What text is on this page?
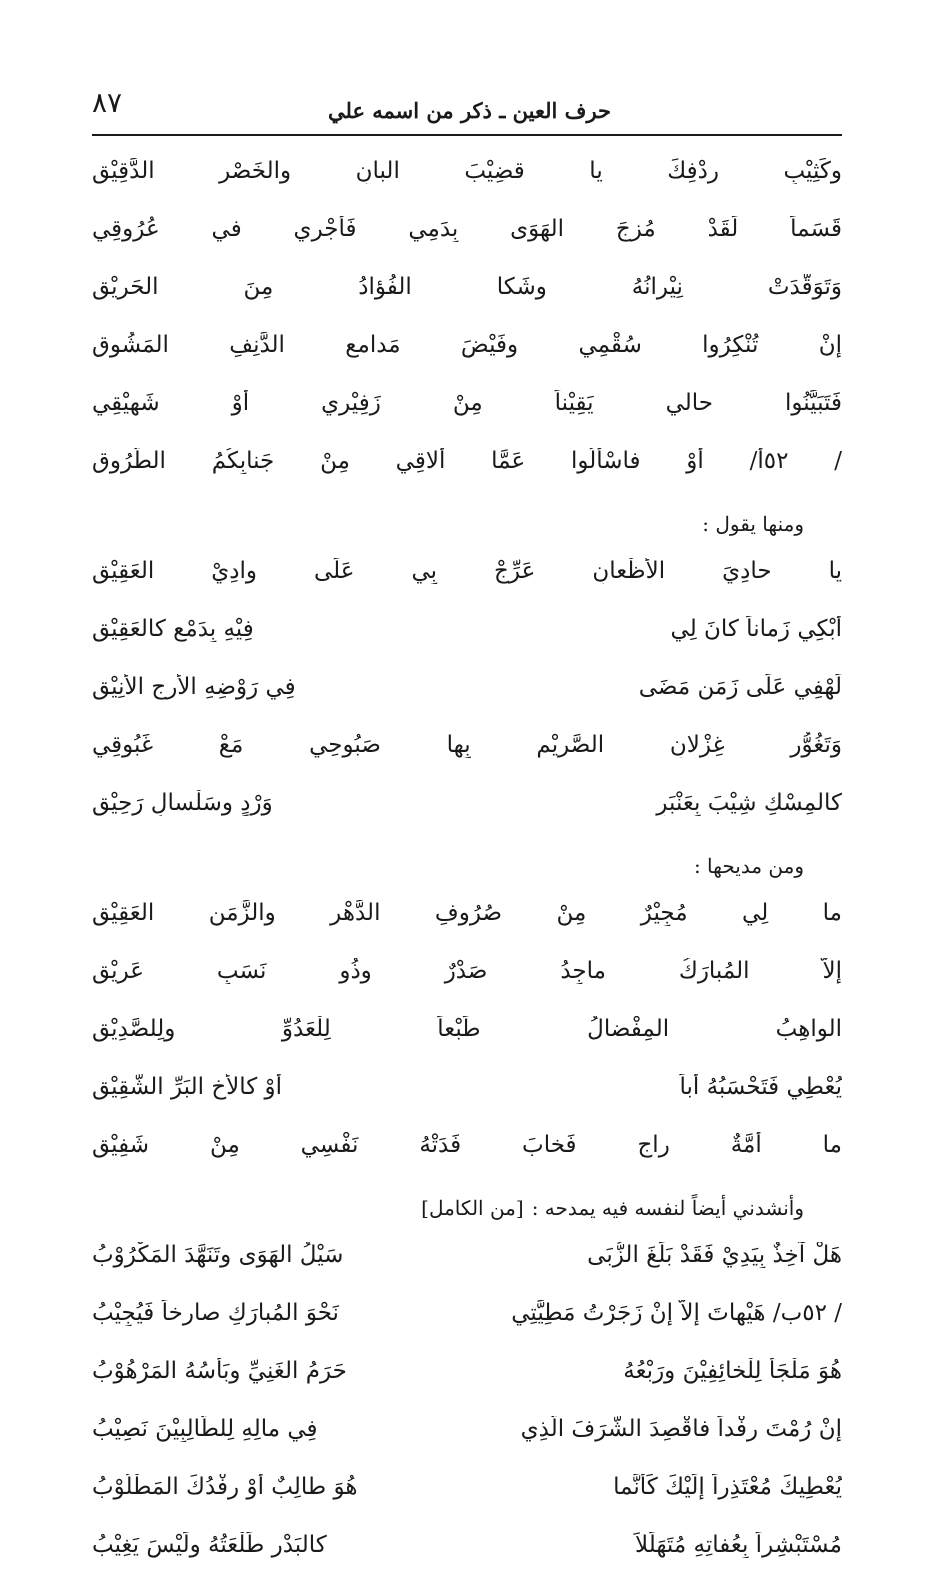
٨٧	حرف العين ـ ذكر من اسمه علي
وكَثِيْبِ رِدْفِكَ يا قضِيْبَ البانِ والخَصْرِ الدَّقِيْقِ
قَسَماً لَقَدْ مُزِجَ الهَوَى بِدَمِي فَأُجْرِي في عُرُوقِي
وَتَوَقَّدَتْ نِيْرانُهُ وشَكا الفُؤادُ مِنَ الحَرِيْقِ
إنْ تُنْكِرُوا سُقْمِي وفَيْضَ مَدامعِ الدَّنِفِ المَشُوقِ
فَتَبَيَّنُوا حالي يَقِيْناً مِنْ زَفِيْرِي أوْ شَهِيْقِي
/ ٥٢أ/ أوْ فاسْأَلُوا عَمَّا أُلاقِي مِنْ جَنابِكُمُ الطُّرُوقِ
ومنها يقول :
يا حادِيَ الأَظْعانِ عَرِّجْ بِي عَلَى وادِيْ العَقِيْقِ
أبْكِي زَماناً كانَ لِي
فِيْهِ بِدَمْعٍ كالعَقِيْقِ
لَهْفِي عَلَى زَمَنٍ مَضَى
فِي رَوْضِهِ الأَرِجِ الأَنِيْقِ
وَتَغُوُّرِ غِزْلانِ الصَّرِيْمِ بِها صَبُوحِي مَعْ غَبُوقِي
كالمِسْكِ شِيْبَ بِعَنْبَرٍ
وَرْدٍ وسَلْسالٍ رَحِيْقِ
ومن مديحها :
ما لِي مُجِيْرٌ مِنْ صُرُوفِ الدَّهْرِ والزَّمَنِ العَقِيْقِ
إلاَّ المُبارَكُ ماجِدُ صَدْرٌ وذُو نَسَبٍ عَرِيْقِ
الواهِبُ المِفْضالُ طَبْعاً لِلْعَدُوِّ ولِلصَّدِيْقِ
يُعْطِي فَتَحْسَبُهُ أباً
أوْ كالأَخِ البَرِّ الشَّقِيْقِ
ما أُمَّةٌ راجٍ فَخابَ فَدَتْهُ نَفْسِي مِنْ شَفِيْقِ
وأنشدني أيضاً لنفسه فيه يمدحه :
[من الكامل]
هَلْ آخِذٌ بِيَدِيْ فَقَدْ بَلَغَ الزُّبَى
سَيْلُ الهَوَى وتَنَهَّدَ المَكْرُوْبُ
/ ٥٢ب/ هَيْهاتَ إلاّ إنْ زَجَرْتُ مَطِيَّتِي
نَحْوَ المُبارَكِ صارِخاً فَيُجِيْبُ
هُوَ مَلْجَأٌ لِلْخائِفِيْنَ ورَبْعُهُ
حَرَمُ الغَنِيِّ وبَأْسُهُ المَرْهُوْبُ
إنْ رُمْتَ رِفْداً فاقْصِدَ الشَّرَفَ الَّذِي
فِي مالِهِ لِلطَّالِبِيْنَ نَصِيْبُ
يُعْطِيكَ مُعْتَذِراً إلَيْكَ كَأَنَّما
هُوَ طالِبٌ أوْ رِفْدُكَ المَطْلُوْبُ
مُسْتَبْشِراً بِعُفاتِهِ مُتَهَلِّلاً
كالبَدْرِ طَلْعَتُهُ ولَيْسَ يَغِيْبُ
